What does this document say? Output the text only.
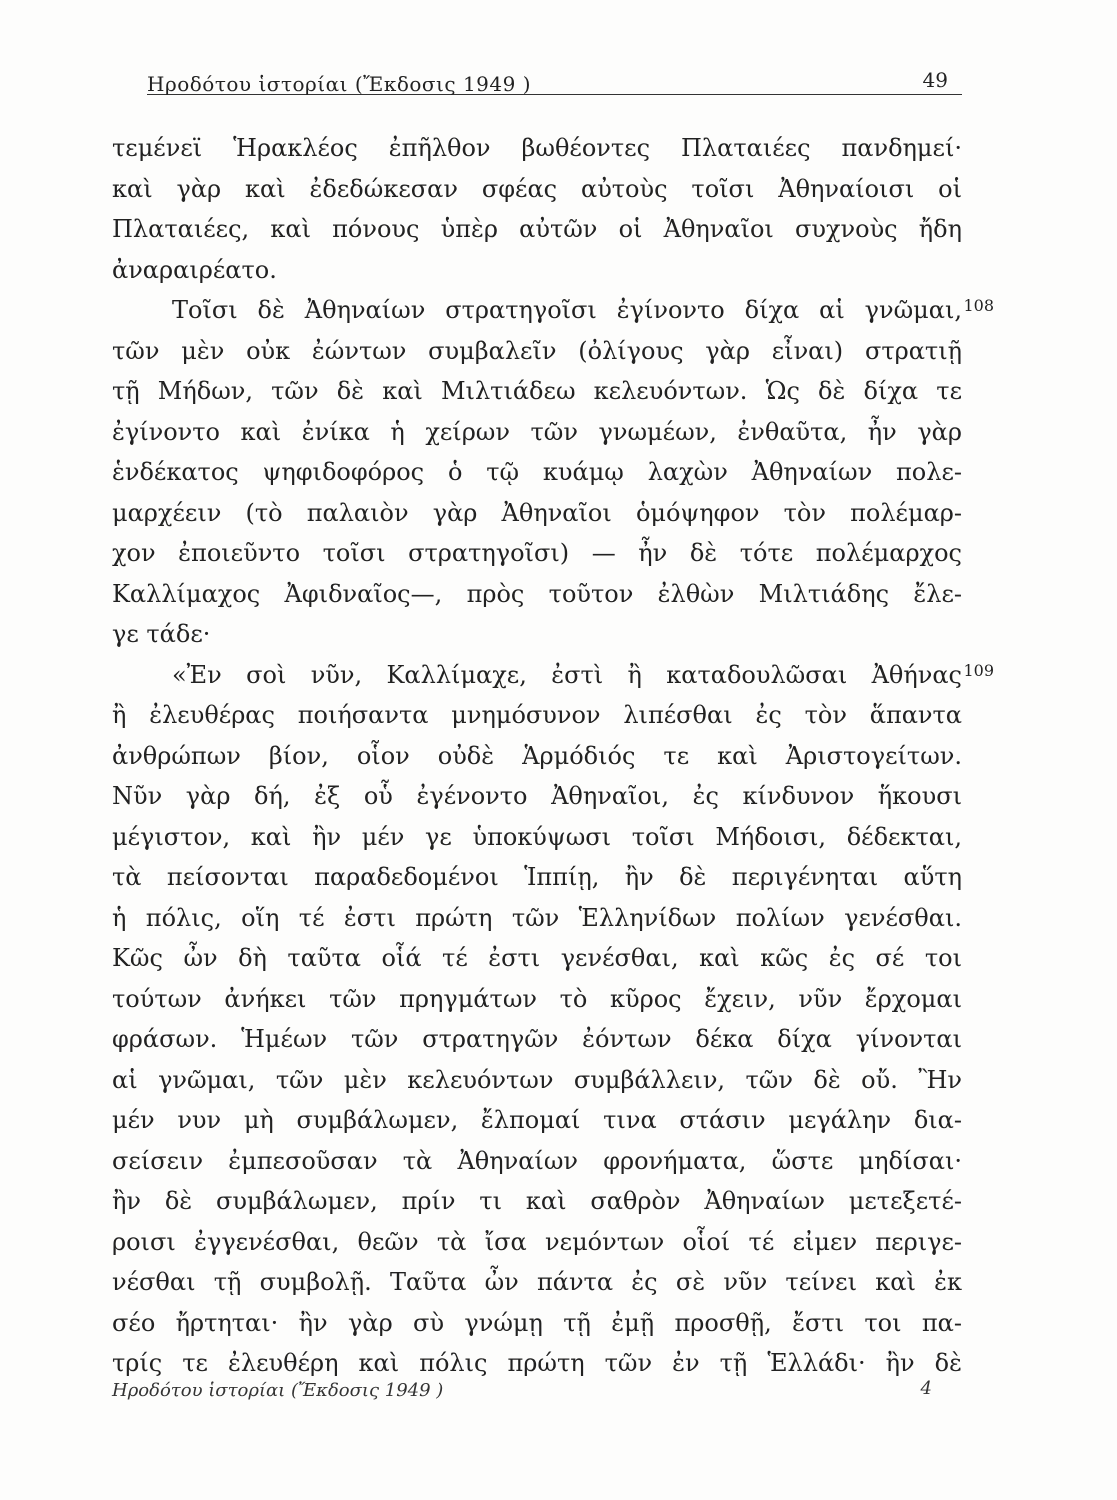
Ηροδότου ἱστορίαι (Ἔκδοσις 1949 )	49
τεμένεϊ Ἡρακλέος ἐπῆλθον βωθέοντες Πλαταιέες πανδημεί·
καὶ γὰρ καὶ ἐδεδώκεσαν σφέας αὐτοὺς τοῖσι Ἀθηναίοισι οἱ
Πλαταιέες, καὶ πόνους ὑπὲρ αὐτῶν οἱ Ἀθηναῖοι συχνοὺς ἤδη
ἀναραιρέατο.
Τοῖσι δὲ Ἀθηναίων στρατηγοῖσι ἐγίνοντο δίχα αἱ γνῶμαι, 108
τῶν μὲν οὐκ ἐώντων συμβαλεῖν (ὀλίγους γὰρ εἶναι) στρατιῇ
τῇ Μήδων, τῶν δὲ καὶ Μιλτιάδεω κελευόντων. Ὡς δὲ δίχα τε
ἐγίνοντο καὶ ἐνίκα ἡ χείρων τῶν γνωμέων, ἐνθαῦτα, ἦν γὰρ
ἑνδέκατος ψηφιδοφόρος ὁ τῷ κυάμῳ λαχὼν Ἀθηναίων πολε-
μαρχέειν (τὸ παλαιὸν γὰρ Ἀθηναῖοι ὁμόψηφον τὸν πολέμαρ-
χον ἐποιεῦντο τοῖσι στρατηγοῖσι) — ἦν δὲ τότε πολέμαρχος
Καλλίμαχος Ἀφιδναῖος—, πρὸς τοῦτον ἐλθὼν Μιλτιάδης ἔλε-
γε τάδε·
«Ἐν σοὶ νῦν, Καλλίμαχε, ἐστὶ ἢ καταδουλῶσαι Ἀθήνας 109
ἢ ἐλευθέρας ποιήσαντα μνημόσυνον λιπέσθαι ἐς τὸν ἅπαντα
ἀνθρώπων βίον, οἷον οὐδὲ Ἁρμόδιός τε καὶ Ἀριστογείτων.
Νῦν γὰρ δή, ἐξ οὗ ἐγένοντο Ἀθηναῖοι, ἐς κίνδυνον ἥκουσι
μέγιστον, καὶ ἢν μέν γε ὑποκύψωσι τοῖσι Μήδοισι, δέδεκται,
τὰ πείσονται παραδεδομένοι Ἱππίῃ, ἢν δὲ περιγένηται αὕτη
ἡ πόλις, οἵη τέ ἐστι πρώτη τῶν Ἑλληνίδων πολίων γενέσθαι.
Κῶς ὦν δὴ ταῦτα οἷά τέ ἐστι γενέσθαι, καὶ κῶς ἐς σέ τοι
τούτων ἀνήκει τῶν πρηγμάτων τὸ κῦρος ἔχειν, νῦν ἔρχομαι
φράσων. Ἡμέων τῶν στρατηγῶν ἐόντων δέκα δίχα γίνονται
αἱ γνῶμαι, τῶν μὲν κελευόντων συμβάλλειν, τῶν δὲ οὔ. Ἢν
μέν νυν μὴ συμβάλωμεν, ἔλπομαί τινα στάσιν μεγάλην δια-
σείσειν ἐμπεσοῦσαν τὰ Ἀθηναίων φρονήματα, ὥστε μηδίσαι·
ἢν δὲ συμβάλωμεν, πρίν τι καὶ σαθρὸν Ἀθηναίων μετεξετέ-
ροισι ἐγγενέσθαι, θεῶν τὰ ἴσα νεμόντων οἷοί τέ εἰμεν περιγε-
νέσθαι τῇ συμβολῇ. Ταῦτα ὦν πάντα ἐς σὲ νῦν τείνει καὶ ἐκ
σέο ἤρτηται· ἢν γὰρ σὺ γνώμῃ τῇ ἐμῇ προσθῇ, ἔστι τοι πα-
τρίς τε ἐλευθέρη καὶ πόλις πρώτη τῶν ἐν τῇ Ἑλλάδι· ἢν δὲ
Ηροδότου ἱστορίαι (Ἔκδοσις 1949 )	4
